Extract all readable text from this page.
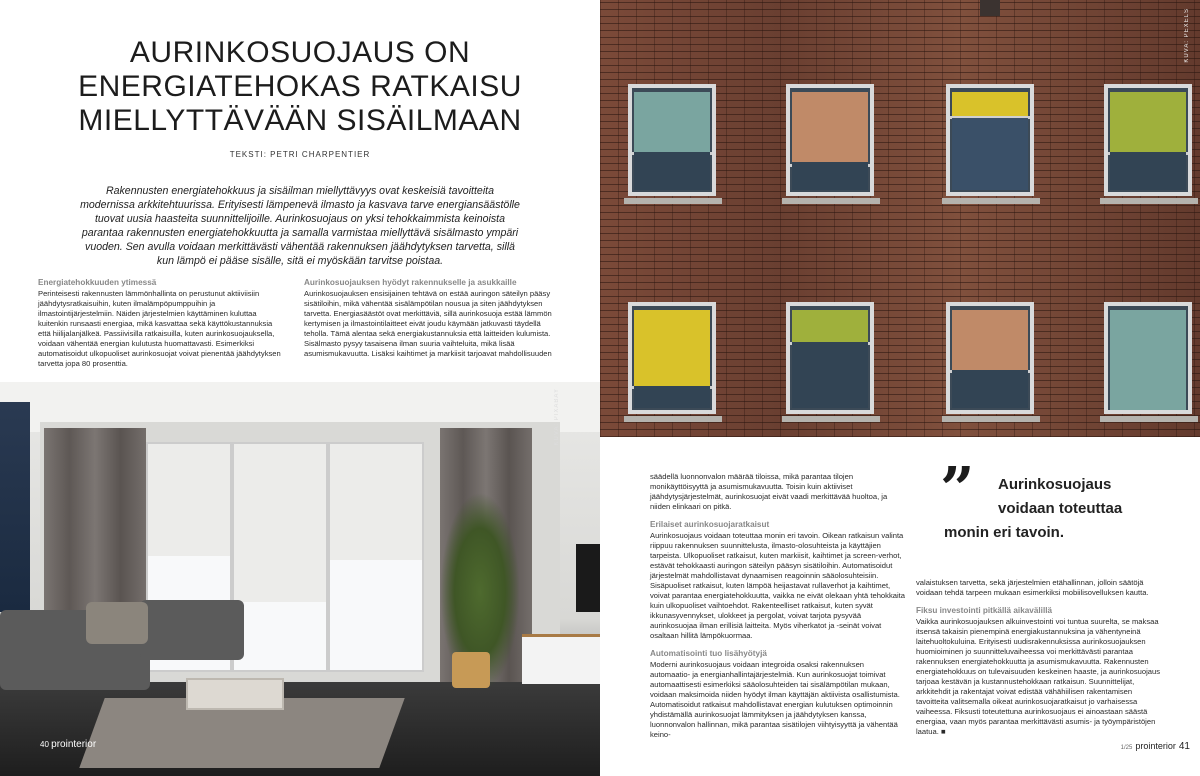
AURINKOSUOJAUS ON
ENERGIATEHOKAS RATKAISU
MIELLYTTÄVÄÄN SISÄILMAAN
TEKSTI: PETRI CHARPENTIER

Rakennusten energiatehokkuus ja sisäilman miellyttävyys ovat keskeisiä tavoitteita modernissa arkkitehtuurissa. Erityisesti lämpenevä ilmasto ja kasvava tarve energiansäästölle tuovat uusia haasteita suunnittelijoille. Aurinkosuojaus on yksi tehokkaimmista keinoista parantaa rakennusten energiatehokkuutta ja samalla varmistaa miellyttävä sisälmasto ympäri vuoden. Sen avulla voidaan merkittävästi vähentää rakennuksen jäähdytyksen tarvetta, sillä kun lämpö ei pääse sisälle, sitä ei myöskään tarvitse poistaa.

Energiatehokkuuden ytimessä

Perinteisesti rakennusten lämmönhallinta on perustunut aktiiviisiin jäähdytysratkaisuihin, kuten ilmalämpöpumppuihin ja ilmastointijärjestelmiin. Näiden järjestelmien käyttäminen kuluttaa kuitenkin runsaasti energiaa, mikä kasvattaa sekä käyttökustannuksia että hiilijalanjälkeä. Passiivisilla ratkaisuilla, kuten aurinkosuojauksella, voidaan vähentää energian kulutusta huomattavasti. Esimerkiksi automatisoidut ulkopuoliset aurinkosuojat voivat pienentää jäähdytyksen tarvetta jopa 80 prosenttia.

Aurinkosuojauksen hyödyt rakennukselle ja asukkaille

Aurinkosuojauksen ensisijainen tehtävä on estää auringon säteilyn pääsy sisätiloihin, mikä vähentää sisälämpötilan nousua ja siten jäähdytyksen tarvetta. Energiasäästöt ovat merkittäviä, sillä aurinkosuoja estää lämmön kertymisen ja ilmastointilaitteet eivät joudu käymään jatkuvasti täydellä teholla. Tämä alentaa sekä energiakustannuksia että laitteiden kulumista. Sisälmasto pysyy tasaisena ilman suuria vaihteluita, mikä lisää asumismukavuutta. Lisäksi kaihtimet ja markiisit tarjoavat mahdollisuuden

KUVA: PIXABAY
40 prointerior
KUVA: PEXELS

säädellä luonnonvalon määrää tiloissa, mikä parantaa tilojen monikäyttöisyyttä ja asumismukavuutta. Toisin kuin aktiiviset jäähdytysjärjestelmät, aurinkosuojat eivät vaadi merkittävää huoltoa, ja niiden elinkaari on pitkä.

Erilaiset aurinkosuojaratkaisut

Aurinkosuojaus voidaan toteuttaa monin eri tavoin. Oikean ratkaisun valinta riippuu rakennuksen suunnittelusta, ilmasto-olosuhteista ja käyttäjien tarpeista. Ulkopuoliset ratkaisut, kuten markiisit, kaihtimet ja screen-verhot, estävät tehokkaasti auringon säteilyn pääsyn sisätiloihin. Automatisoidut järjestelmät mahdollistavat dynaamisen reagoinnin sääolosuhteisiin. Sisäpuoliset ratkaisut, kuten lämpöä heijastavat rullaverhot ja kaihtimet, voivat parantaa energiatehokkuutta, vaikka ne eivät olekaan yhtä tehokkaita kuin ulkopuoliset vaihtoehdot. Rakenteelliset ratkaisut, kuten syvät ikkunasyvennykset, ulokkeet ja pergolat, voivat tarjota pysyvää aurinkosuojaa ilman erillisiä laitteita. Myös viherkatot ja -seinät voivat osaltaan hillitä lämpökuormaa.

Automatisointi tuo lisähyötyjä

Moderni aurinkosuojaus voidaan integroida osaksi rakennuksen automaatio- ja energianhallintajärjestelmiä. Kun aurinkosuojat toimivat automaattisesti esimerkiksi sääolosuhteiden tai sisälämpötilan mukaan, voidaan maksimoida niiden hyödyt ilman käyttäjän aktiivista osallistumista. Automatisoidut ratkaisut mahdollistavat energian kulutuksen optimoinnin yhdistämällä aurinkosuojat lämmityksen ja jäähdytyksen kanssa, luonnonvalon hallinnan, mikä parantaa sisätilojen viihtyisyyttä ja vähentää keino-

” Aurinkosuojaus voidaan toteuttaa
monin eri tavoin.

valaistuksen tarvetta, sekä järjestelmien etähallinnan, jolloin säätöjä voidaan tehdä tarpeen mukaan esimerkiksi mobiilisovelluksen kautta.

Fiksu investointi pitkällä aikavälillä

Vaikka aurinkosuojauksen alkuinvestointi voi tuntua suurelta, se maksaa itsensä takaisin pienempinä energiakustannuksina ja vähentyneinä laitehuoltokuluina. Erityisesti uudisrakennuksissa aurinkosuojauksen huomioiminen jo suunnitteluvaiheessa voi merkittävästi parantaa rakennuksen energiatehokkuutta ja asumismukavuutta. Rakennusten energiatehokkuus on tulevaisuuden keskeinen haaste, ja aurinkosuojaus tarjoaa kestävän ja kustannustehokkaan ratkaisun. Suunnittelijat, arkkitehdit ja rakentajat voivat edistää vähähiilisen rakentamisen tavoitteita valitsemalla oikeat aurinkosuojaratkaisut jo varhaisessa vaiheessa. Fiksusti toteutettuna aurinkosuojaus ei ainoastaan säästä energiaa, vaan myös parantaa merkittävästi asumis- ja työympäristöjen laatua. ■

1/25 prointerior 41
